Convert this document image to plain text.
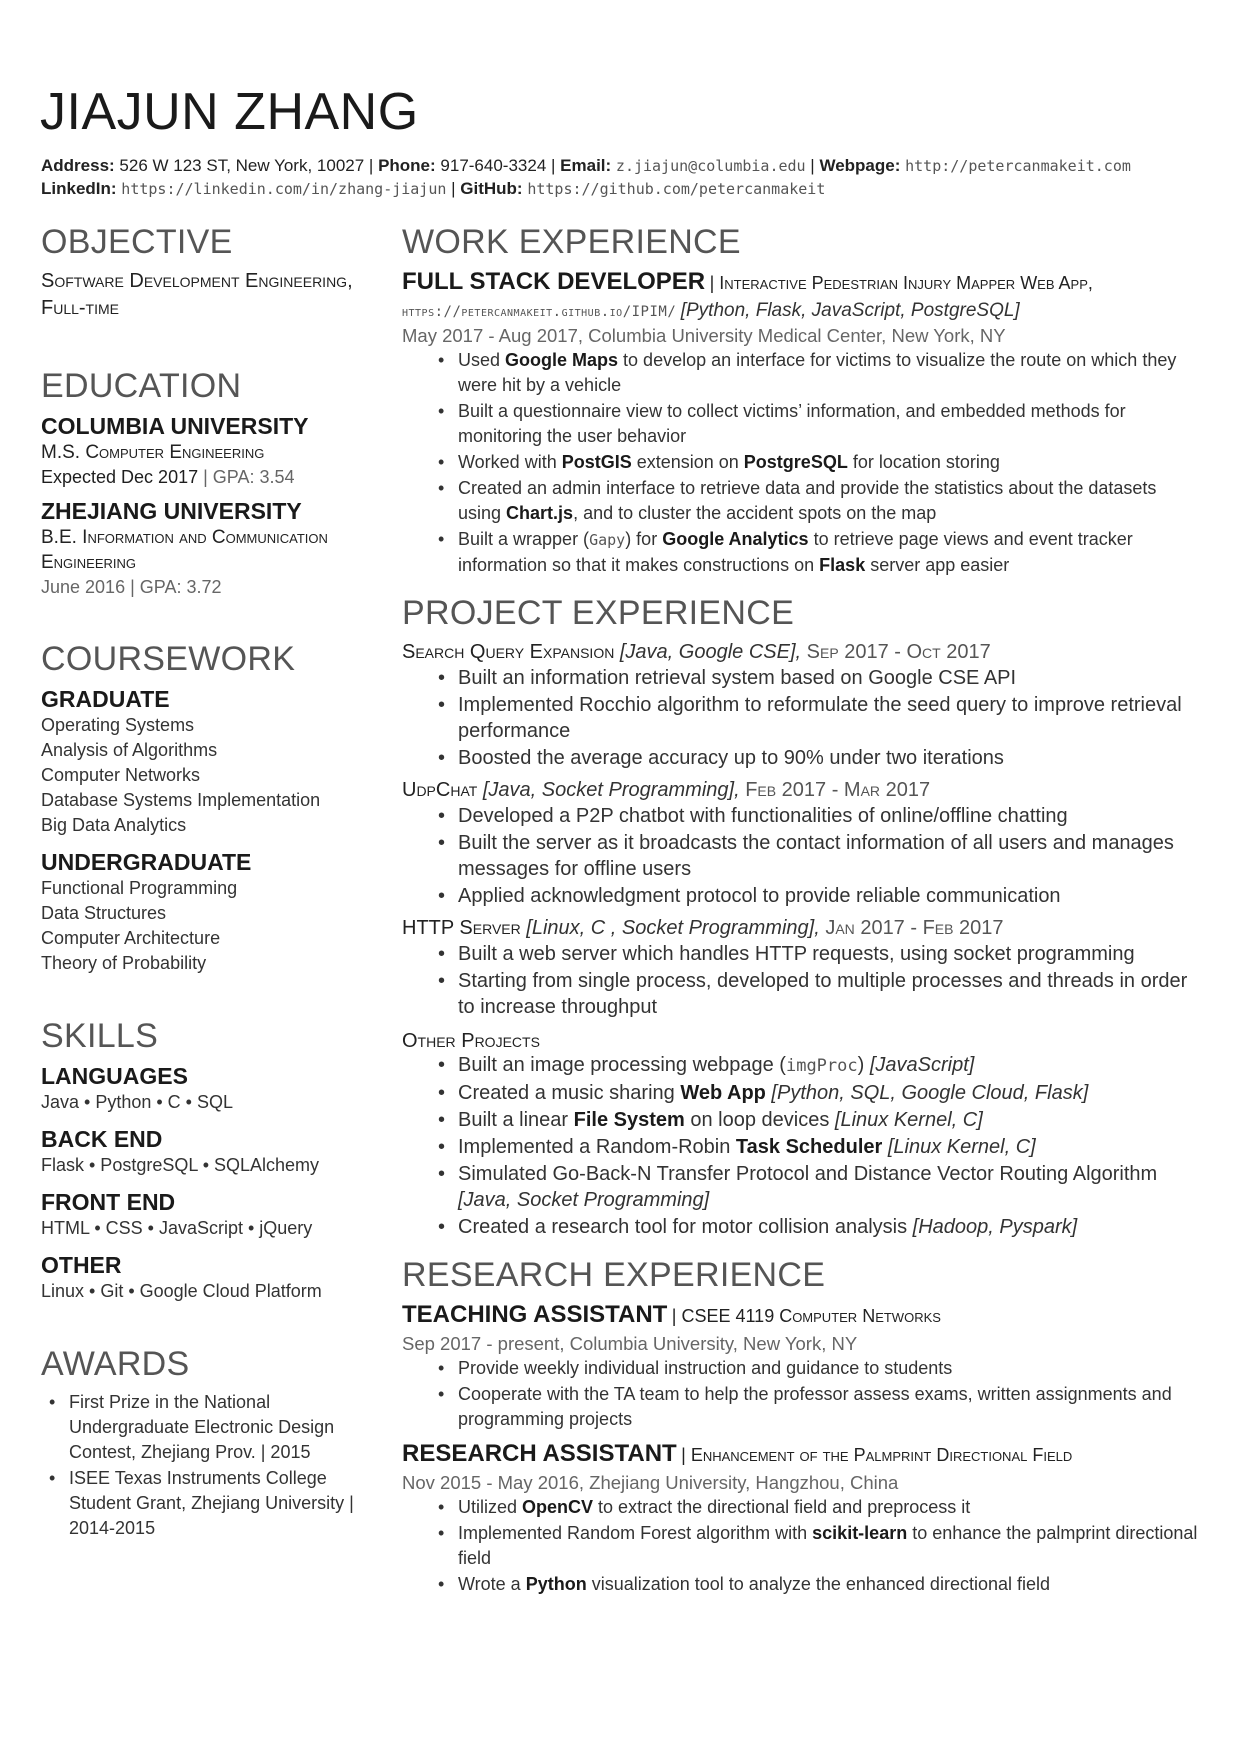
JIAJUN ZHANG
Address: 526 W 123 ST, New York, 10027 | Phone: 917-640-3324 | Email: z.jiajun@columbia.edu | Webpage: http://petercanmakeit.com
LinkedIn: https://linkedin.com/in/zhang-jiajun | GitHub: https://github.com/petercanmakeit
OBJECTIVE
Software Development Engineering, Full-time
EDUCATION
COLUMBIA UNIVERSITY
M.S. Computer Engineering
Expected Dec 2017 | GPA: 3.54
ZHEJIANG UNIVERSITY
B.E. Information and Communication Engineering
June 2016 | GPA: 3.72
COURSEWORK
GRADUATE
Operating Systems
Analysis of Algorithms
Computer Networks
Database Systems Implementation
Big Data Analytics
UNDERGRADUATE
Functional Programming
Data Structures
Computer Architecture
Theory of Probability
SKILLS
LANGUAGES
Java • Python • C • SQL
BACK END
Flask • PostgreSQL • SQLAlchemy
FRONT END
HTML • CSS • JavaScript • jQuery
OTHER
Linux • Git • Google Cloud Platform
AWARDS
• First Prize in the National Undergraduate Electronic Design Contest, Zhejiang Prov. | 2015
• ISEE Texas Instruments College Student Grant, Zhejiang University | 2014-2015
WORK EXPERIENCE
FULL STACK DEVELOPER | Interactive Pedestrian Injury Mapper Web App,
https://petercanmakeit.github.io/IPIM/ [Python, Flask, JavaScript, PostgreSQL]
May 2017 - Aug 2017, Columbia University Medical Center, New York, NY
• Used Google Maps to develop an interface for victims to visualize the route on which they were hit by a vehicle
• Built a questionnaire view to collect victims’ information, and embedded methods for monitoring the user behavior
• Worked with PostGIS extension on PostgreSQL for location storing
• Created an admin interface to retrieve data and provide the statistics about the datasets using Chart.js, and to cluster the accident spots on the map
• Built a wrapper (Gapy) for Google Analytics to retrieve page views and event tracker information so that it makes constructions on Flask server app easier
PROJECT EXPERIENCE
Search Query Expansion [Java, Google CSE], Sep 2017 - Oct 2017
• Built an information retrieval system based on Google CSE API
• Implemented Rocchio algorithm to reformulate the seed query to improve retrieval performance
• Boosted the average accuracy up to 90% under two iterations
UdpChat [Java, Socket Programming], Feb 2017 - Mar 2017
• Developed a P2P chatbot with functionalities of online/offline chatting
• Built the server as it broadcasts the contact information of all users and manages messages for offline users
• Applied acknowledgment protocol to provide reliable communication
HTTP Server [Linux, C , Socket Programming], Jan 2017 - Feb 2017
• Built a web server which handles HTTP requests, using socket programming
• Starting from single process, developed to multiple processes and threads in order to increase throughput
Other Projects
• Built an image processing webpage (imgProc) [JavaScript]
• Created a music sharing Web App [Python, SQL, Google Cloud, Flask]
• Built a linear File System on loop devices [Linux Kernel, C]
• Implemented a Random-Robin Task Scheduler [Linux Kernel, C]
• Simulated Go-Back-N Transfer Protocol and Distance Vector Routing Algorithm [Java, Socket Programming]
• Created a research tool for motor collision analysis [Hadoop, Pyspark]
RESEARCH EXPERIENCE
TEACHING ASSISTANT | CSEE 4119 Computer Networks
Sep 2017 - present, Columbia University, New York, NY
• Provide weekly individual instruction and guidance to students
• Cooperate with the TA team to help the professor assess exams, written assignments and programming projects
RESEARCH ASSISTANT | Enhancement of the Palmprint Directional Field
Nov 2015 - May 2016, Zhejiang University, Hangzhou, China
• Utilized OpenCV to extract the directional field and preprocess it
• Implemented Random Forest algorithm with scikit-learn to enhance the palmprint directional field
• Wrote a Python visualization tool to analyze the enhanced directional field
